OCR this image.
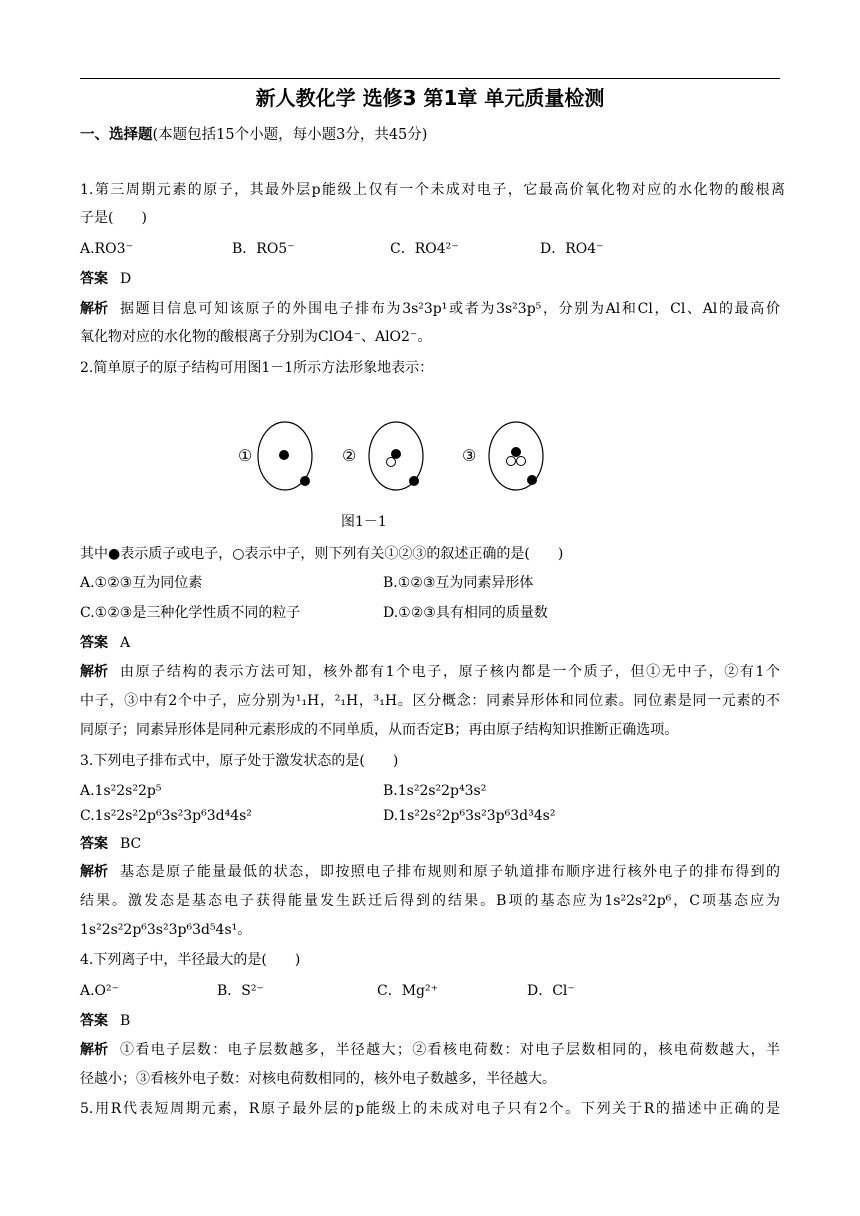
新人教化学 选修3 第1章 单元质量检测
一、选择题(本题包括15个小题，每小题3分，共45分)
1.第三周期元素的原子，其最外层p能级上仅有一个未成对电子，它最高价氧化物对应的水化物的酸根离
子是(　　)
A.RO3⁻	B．RO5⁻	C．RO4²⁻	D．RO4⁻
答案 D
解析 据题目信息可知该原子的外围电子排布为3s²3p¹或者为3s²3p⁵，分别为Al和Cl，Cl、Al的最高价
氧化物对应的水化物的酸根离子分别为ClO4⁻、AlO2⁻。
2.简单原子的原子结构可用图1－1所示方法形象地表示：
①	②	③
图1－1
其中●表示质子或电子，○表示中子，则下列有关①②③的叙述正确的是(　　)
A.①②③互为同位素	B.①②③互为同素异形体
C.①②③是三种化学性质不同的粒子	D.①②③具有相同的质量数
答案 A
解析 由原子结构的表示方法可知，核外都有1个电子，原子核内都是一个质子，但①无中子，②有1个
中子，③中有2个中子，应分别为¹₁H，²₁H，³₁H。区分概念：同素异形体和同位素。同位素是同一元素的不
同原子；同素异形体是同种元素形成的不同单质，从而否定B；再由原子结构知识推断正确选项。
3.下列电子排布式中，原子处于激发状态的是(　　)
A.1s²2s²2p⁵	B.1s²2s²2p⁴3s²
C.1s²2s²2p⁶3s²3p⁶3d⁴4s²	D.1s²2s²2p⁶3s²3p⁶3d³4s²
答案 BC
解析 基态是原子能量最低的状态，即按照电子排布规则和原子轨道排布顺序进行核外电子的排布得到的
结果。激发态是基态电子获得能量发生跃迁后得到的结果。B项的基态应为1s²2s²2p⁶，C项基态应为
1s²2s²2p⁶3s²3p⁶3d⁵4s¹。
4.下列离子中，半径最大的是(　　)
A.O²⁻	B．S²⁻	C．Mg²⁺	D．Cl⁻
答案 B
解析 ①看电子层数：电子层数越多，半径越大；②看核电荷数：对电子层数相同的，核电荷数越大，半
径越小；③看核外电子数：对核电荷数相同的，核外电子数越多，半径越大。
5.用R代表短周期元素，R原子最外层的p能级上的未成对电子只有2个。下列关于R的描述中正确的是
